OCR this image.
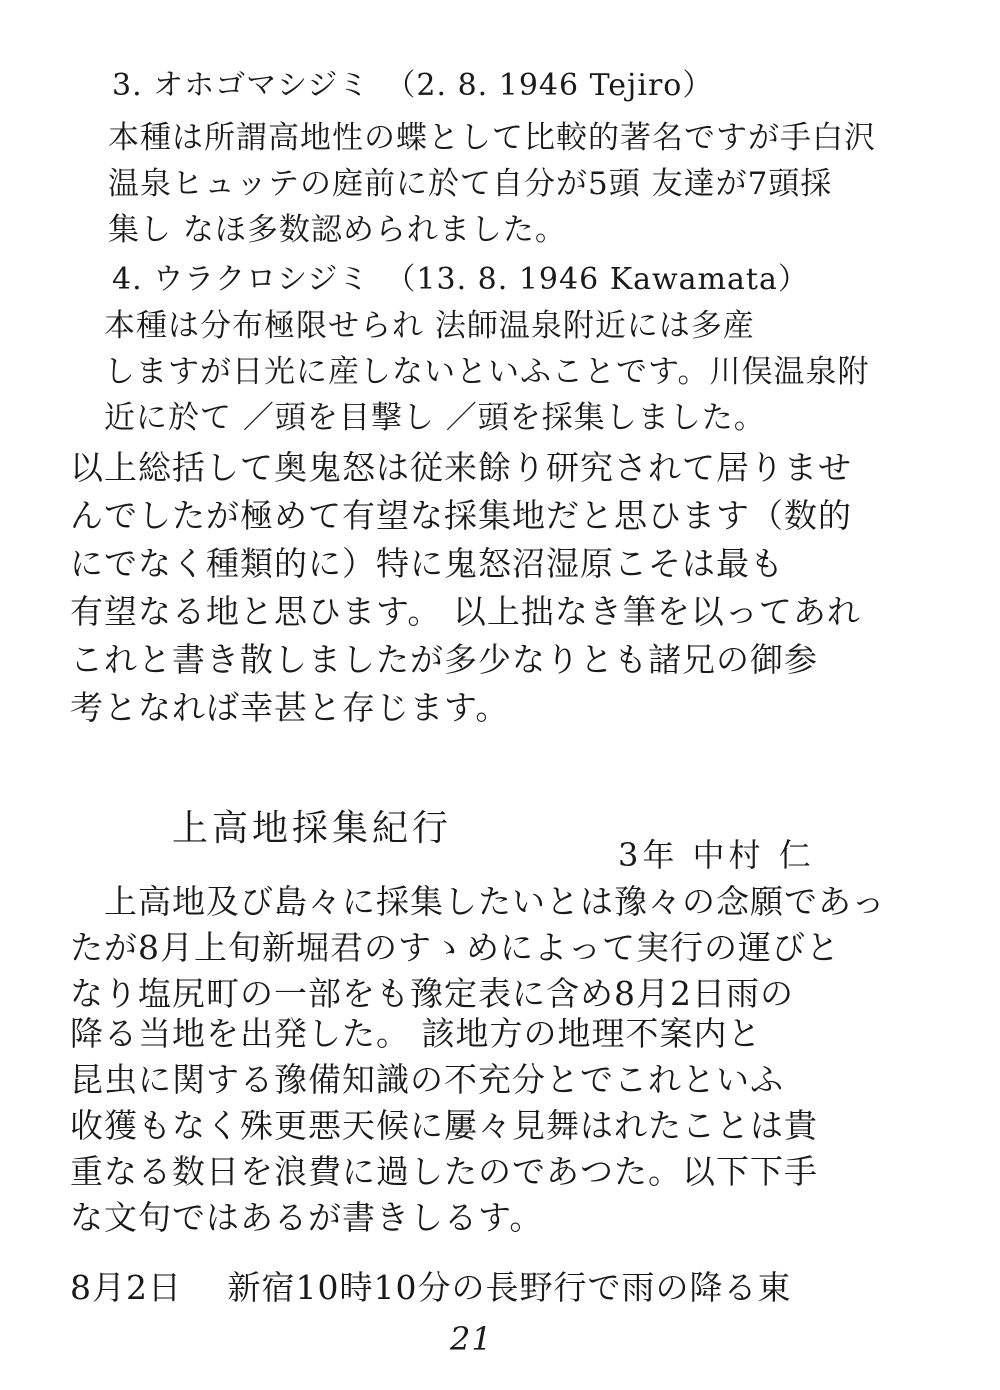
3. オホゴマシジミ　（2. 8. 1946 Tejiro）
本種は所謂高地性の蝶として比較的著名ですが手白沢
温泉ヒュッテの庭前に於て自分が5頭 友達が7頭採
集し なほ多数認められました。
4. ウラクロシジミ　（13. 8. 1946 Kawamata）
本種は分布極限せられ 法師温泉附近には多産
しますが日光に産しないといふことです。川俣温泉附
近に於て ／頭を目撃し ／頭を採集しました。
以上総括して奥鬼怒は従来餘り研究されて居りませ
んでしたが極めて有望な採集地だと思ひます（数的
にでなく種類的に）特に鬼怒沼湿原こそは最も
有望なる地と思ひます。 以上拙なき筆を以ってあれ
これと書き散しましたが多少なりとも諸兄の御参
考となれば幸甚と存じます。
上高地採集紀行
3年 中村 仁
上高地及び島々に採集したいとは豫々の念願であっ
たが8月上旬新堀君のすゝめによって実行の運びと
なり塩尻町の一部をも豫定表に含め8月2日雨の
降る当地を出発した。 該地方の地理不案内と
昆虫に関する豫備知識の不充分とでこれといふ
收獲もなく殊更悪天候に屢々見舞はれたことは貴
重なる数日を浪費に過したのであつた。以下下手
な文句ではあるが書きしるす。
8月2日　 新宿10時10分の長野行で雨の降る東
21
